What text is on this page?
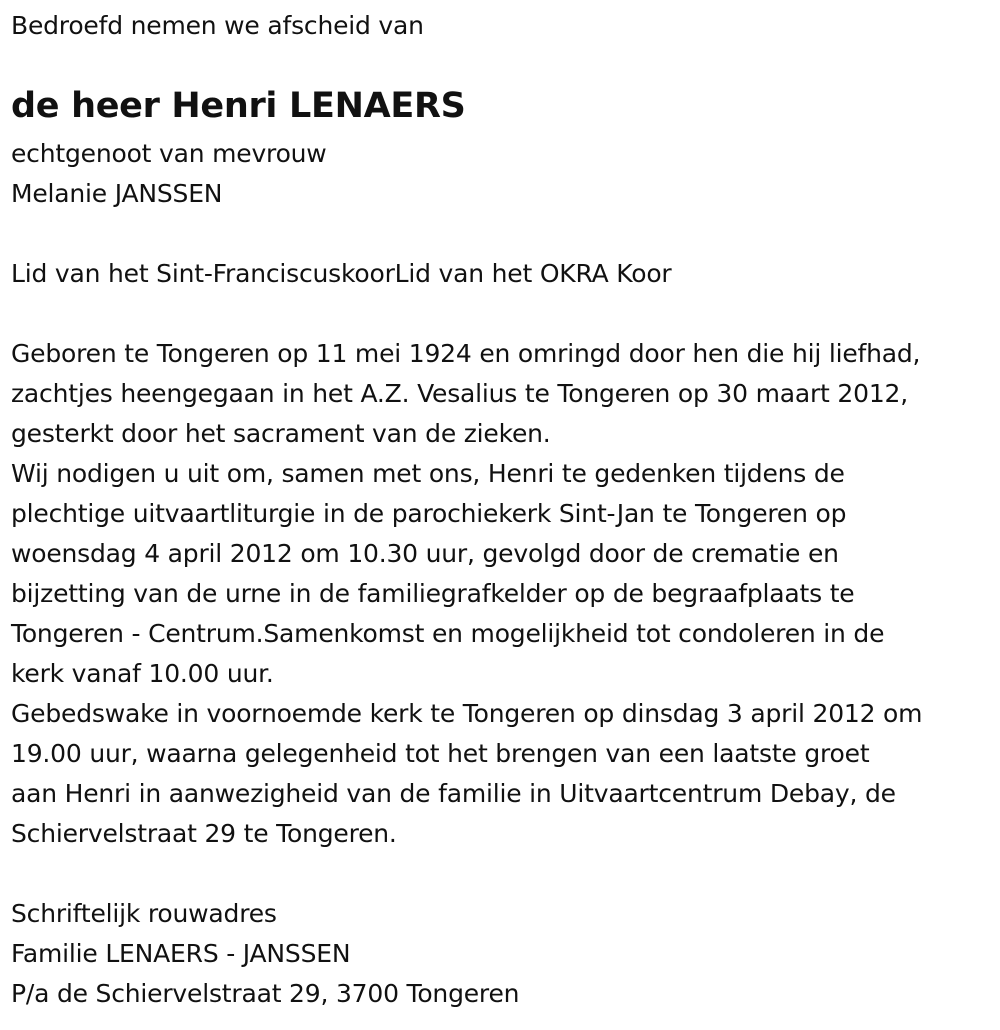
Bedroefd nemen we afscheid van
de heer Henri LENAERS
echtgenoot van mevrouw
Melanie JANSSEN
Lid van het Sint-FranciscuskoorLid van het OKRA Koor
Geboren te Tongeren op 11 mei 1924 en omringd door hen die hij liefhad,
zachtjes heengegaan in het A.Z. Vesalius te Tongeren op 30 maart 2012,
gesterkt door het sacrament van de zieken.
Wij nodigen u uit om, samen met ons, Henri te gedenken tijdens de
plechtige uitvaartliturgie in de parochiekerk Sint-Jan te Tongeren op
woensdag 4 april 2012 om 10.30 uur, gevolgd door de crematie en
bijzetting van de urne in de familiegrafkelder op de begraafplaats te
Tongeren - Centrum.Samenkomst en mogelijkheid tot condoleren in de
kerk vanaf 10.00 uur.
Gebedswake in voornoemde kerk te Tongeren op dinsdag 3 april 2012 om
19.00 uur, waarna gelegenheid tot het brengen van een laatste groet
aan Henri in aanwezigheid van de familie in Uitvaartcentrum Debay, de
Schiervelstraat 29 te Tongeren.
Schriftelijk rouwadres
Familie LENAERS - JANSSEN
P/a de Schiervelstraat 29, 3700 Tongeren
